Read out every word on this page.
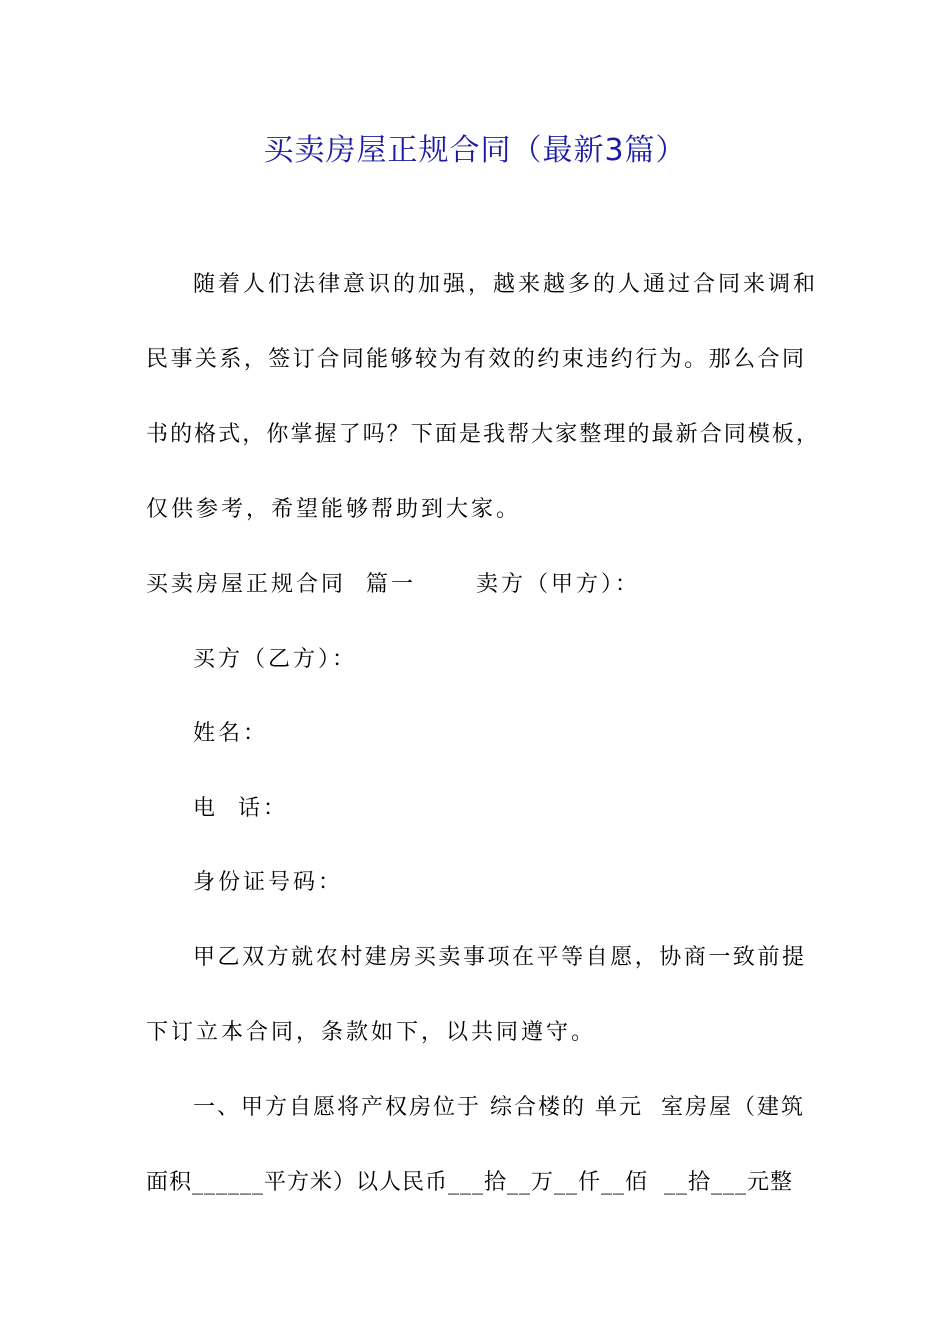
买卖房屋正规合同（最新3篇）
随着人们法律意识的加强，越来越多的人通过合同来调和
民事关系，签订合同能够较为有效的约束违约行为。那么合同
书的格式，你掌握了吗？下面是我帮大家整理的最新合同模板，
仅供参考，希望能够帮助到大家。
买卖房屋正规合同  篇一      卖方（甲方）：
买方（乙方）：
姓名：
电  话：
身份证号码：
甲乙双方就农村建房买卖事项在平等自愿，协商一致前提
下订立本合同，条款如下，以共同遵守。
一、甲方自愿将产权房位于 综合楼的 单元  室房屋（建筑
面积______平方米）以人民币___拾__万__仟__佰  __拾___元整
